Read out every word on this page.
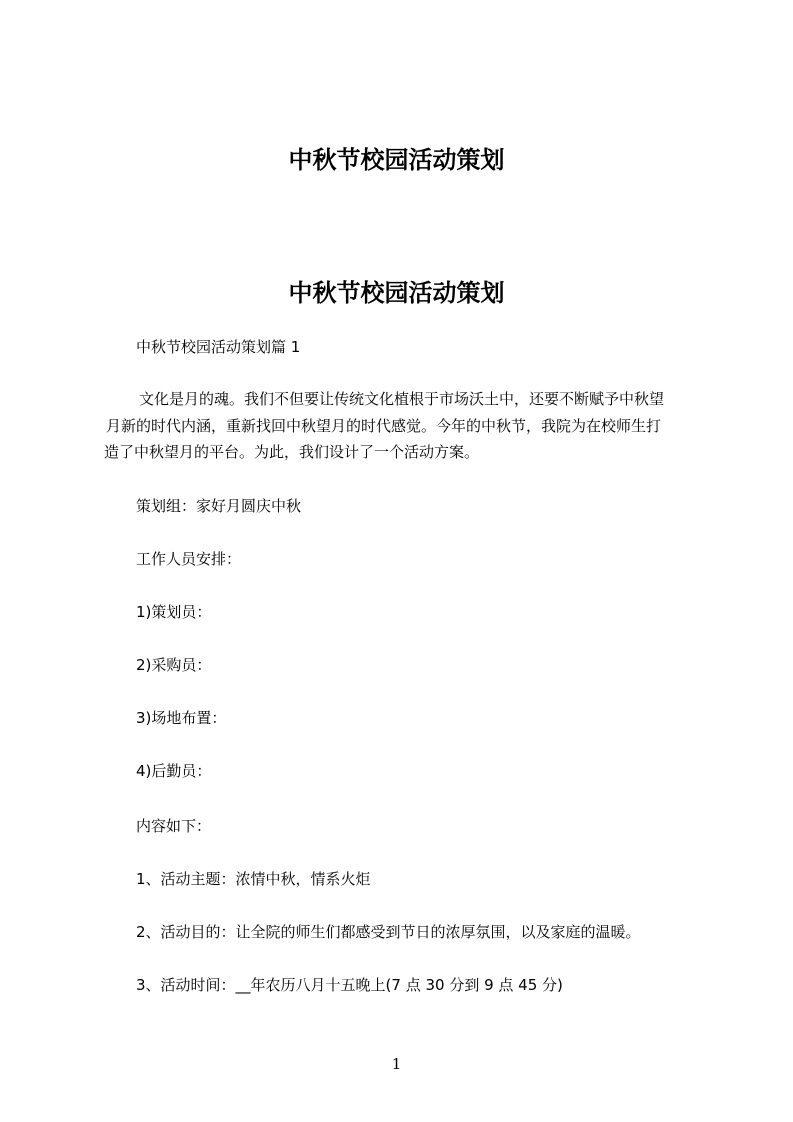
中秋节校园活动策划
中秋节校园活动策划
中秋节校园活动策划篇 1
文化是月的魂。我们不但要让传统文化植根于市场沃土中，还要不断赋予中秋望
月新的时代内涵，重新找回中秋望月的时代感觉。今年的中秋节，我院为在校师生打
造了中秋望月的平台。为此，我们设计了一个活动方案。
策划组：家好月圆庆中秋
工作人员安排：
1)策划员：
2)采购员：
3)场地布置：
4)后勤员：
内容如下：
1、活动主题：浓情中秋，情系火炬
2、活动目的：让全院的师生们都感受到节日的浓厚氛围，以及家庭的温暖。
3、活动时间：__年农历八月十五晚上(7 点 30 分到 9 点 45 分)
1
